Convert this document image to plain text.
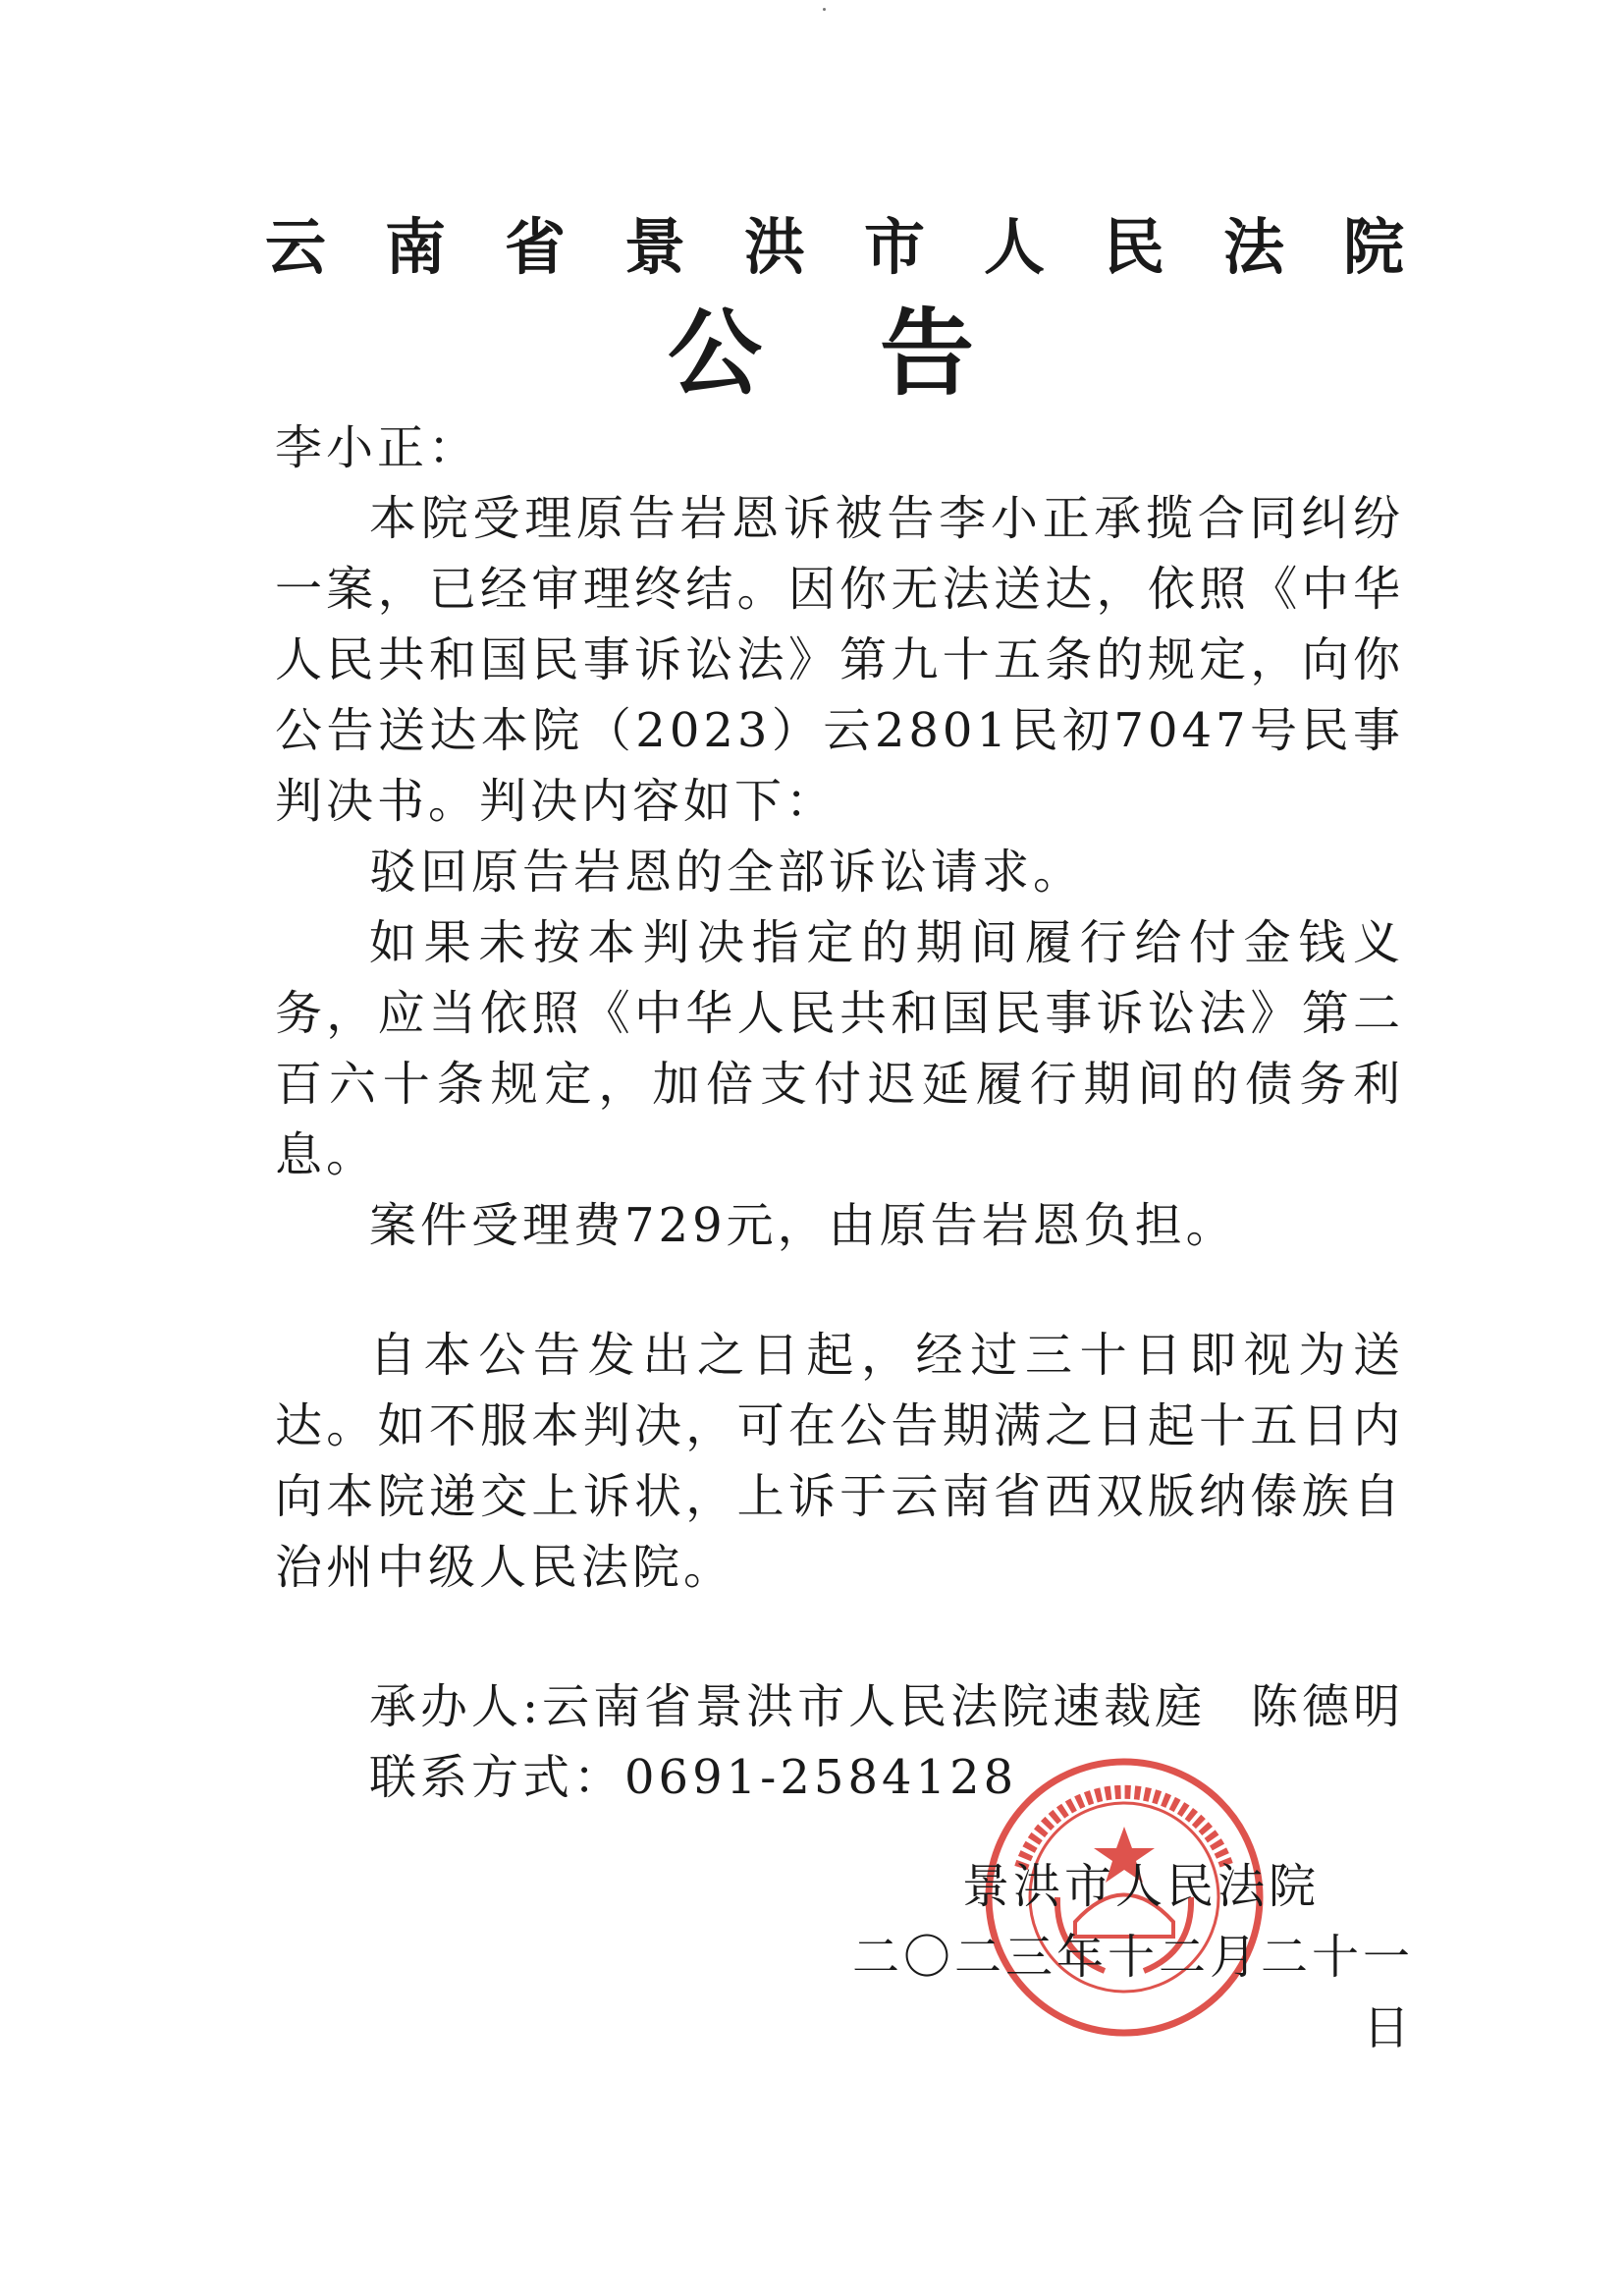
云南省景洪市人民法院
公告

李小正：

本院受理原告岩恩诉被告李小正承揽合同纠纷一案，已经审理终结。因你无法送达，依照《中华人民共和国民事诉讼法》第九十五条的规定，向你公告送达本院（2023）云2801民初7047号民事判决书。判决内容如下：

驳回原告岩恩的全部诉讼请求。

如果未按本判决指定的期间履行给付金钱义务，应当依照《中华人民共和国民事诉讼法》第二百六十条规定，加倍支付迟延履行期间的债务利息。

案件受理费729元，由原告岩恩负担。

自本公告发出之日起，经过三十日即视为送达。如不服本判决，可在公告期满之日起十五日内向本院递交上诉状，上诉于云南省西双版纳傣族自治州中级人民法院。

承办人:云南省景洪市人民法院速裁庭 陈德明
联系方式：0691-2584128
景洪市人民法院
二〇二三年十二月二十一日
